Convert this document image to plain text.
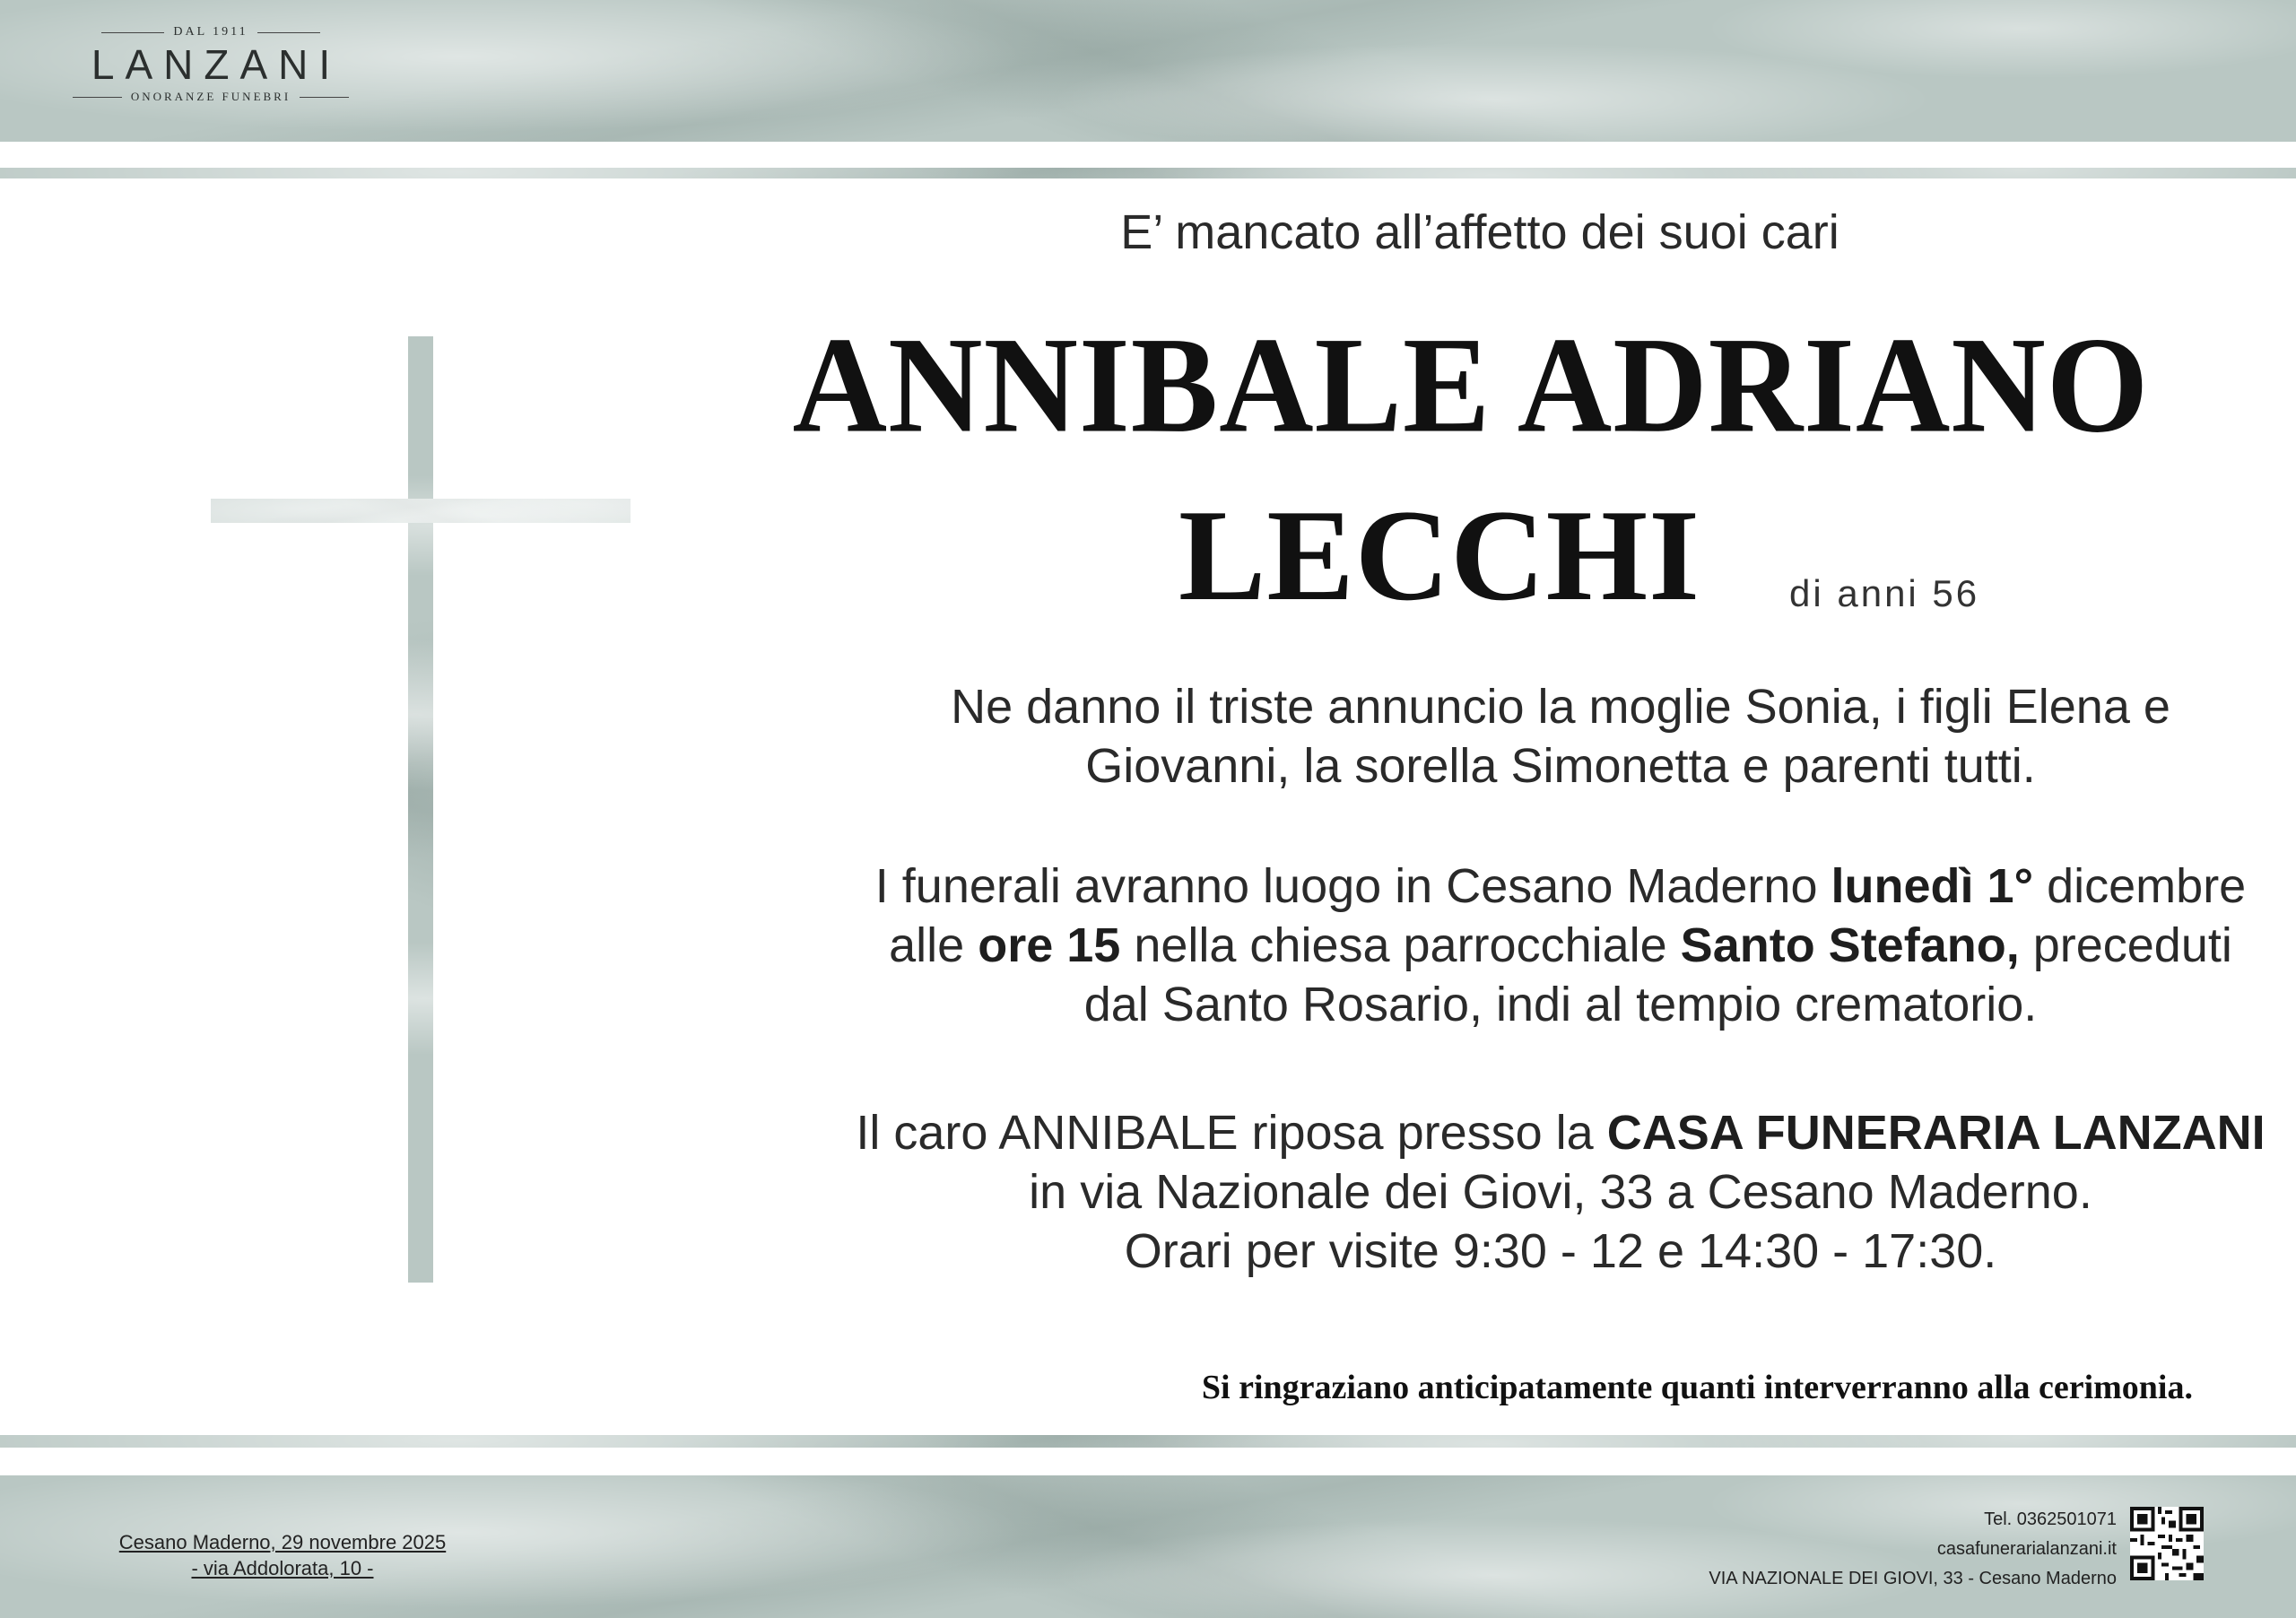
DAL 1911
LANZANI
ONORANZE FUNEBRI
E’ mancato all’affetto dei suoi cari
ANNIBALE ADRIANO
LECCHI	di anni 56
Ne danno il triste annuncio la moglie Sonia, i figli Elena e
Giovanni, la sorella Simonetta e parenti tutti.
I funerali avranno luogo in Cesano Maderno lunedì 1° dicembre
alle ore 15 nella chiesa parrocchiale Santo Stefano, preceduti
dal Santo Rosario, indi al tempio crematorio.
Il caro ANNIBALE riposa presso la CASA FUNERARIA LANZANI
in via Nazionale dei Giovi, 33 a Cesano Maderno.
Orari per visite 9:30 - 12 e 14:30 - 17:30.
Si ringraziano anticipatamente quanti interverranno alla cerimonia.
Cesano Maderno, 29 novembre 2025
- via Addolorata, 10 -
Tel. 0362501071
casafunerarialanzani.it
VIA NAZIONALE DEI GIOVI, 33 - Cesano Maderno
